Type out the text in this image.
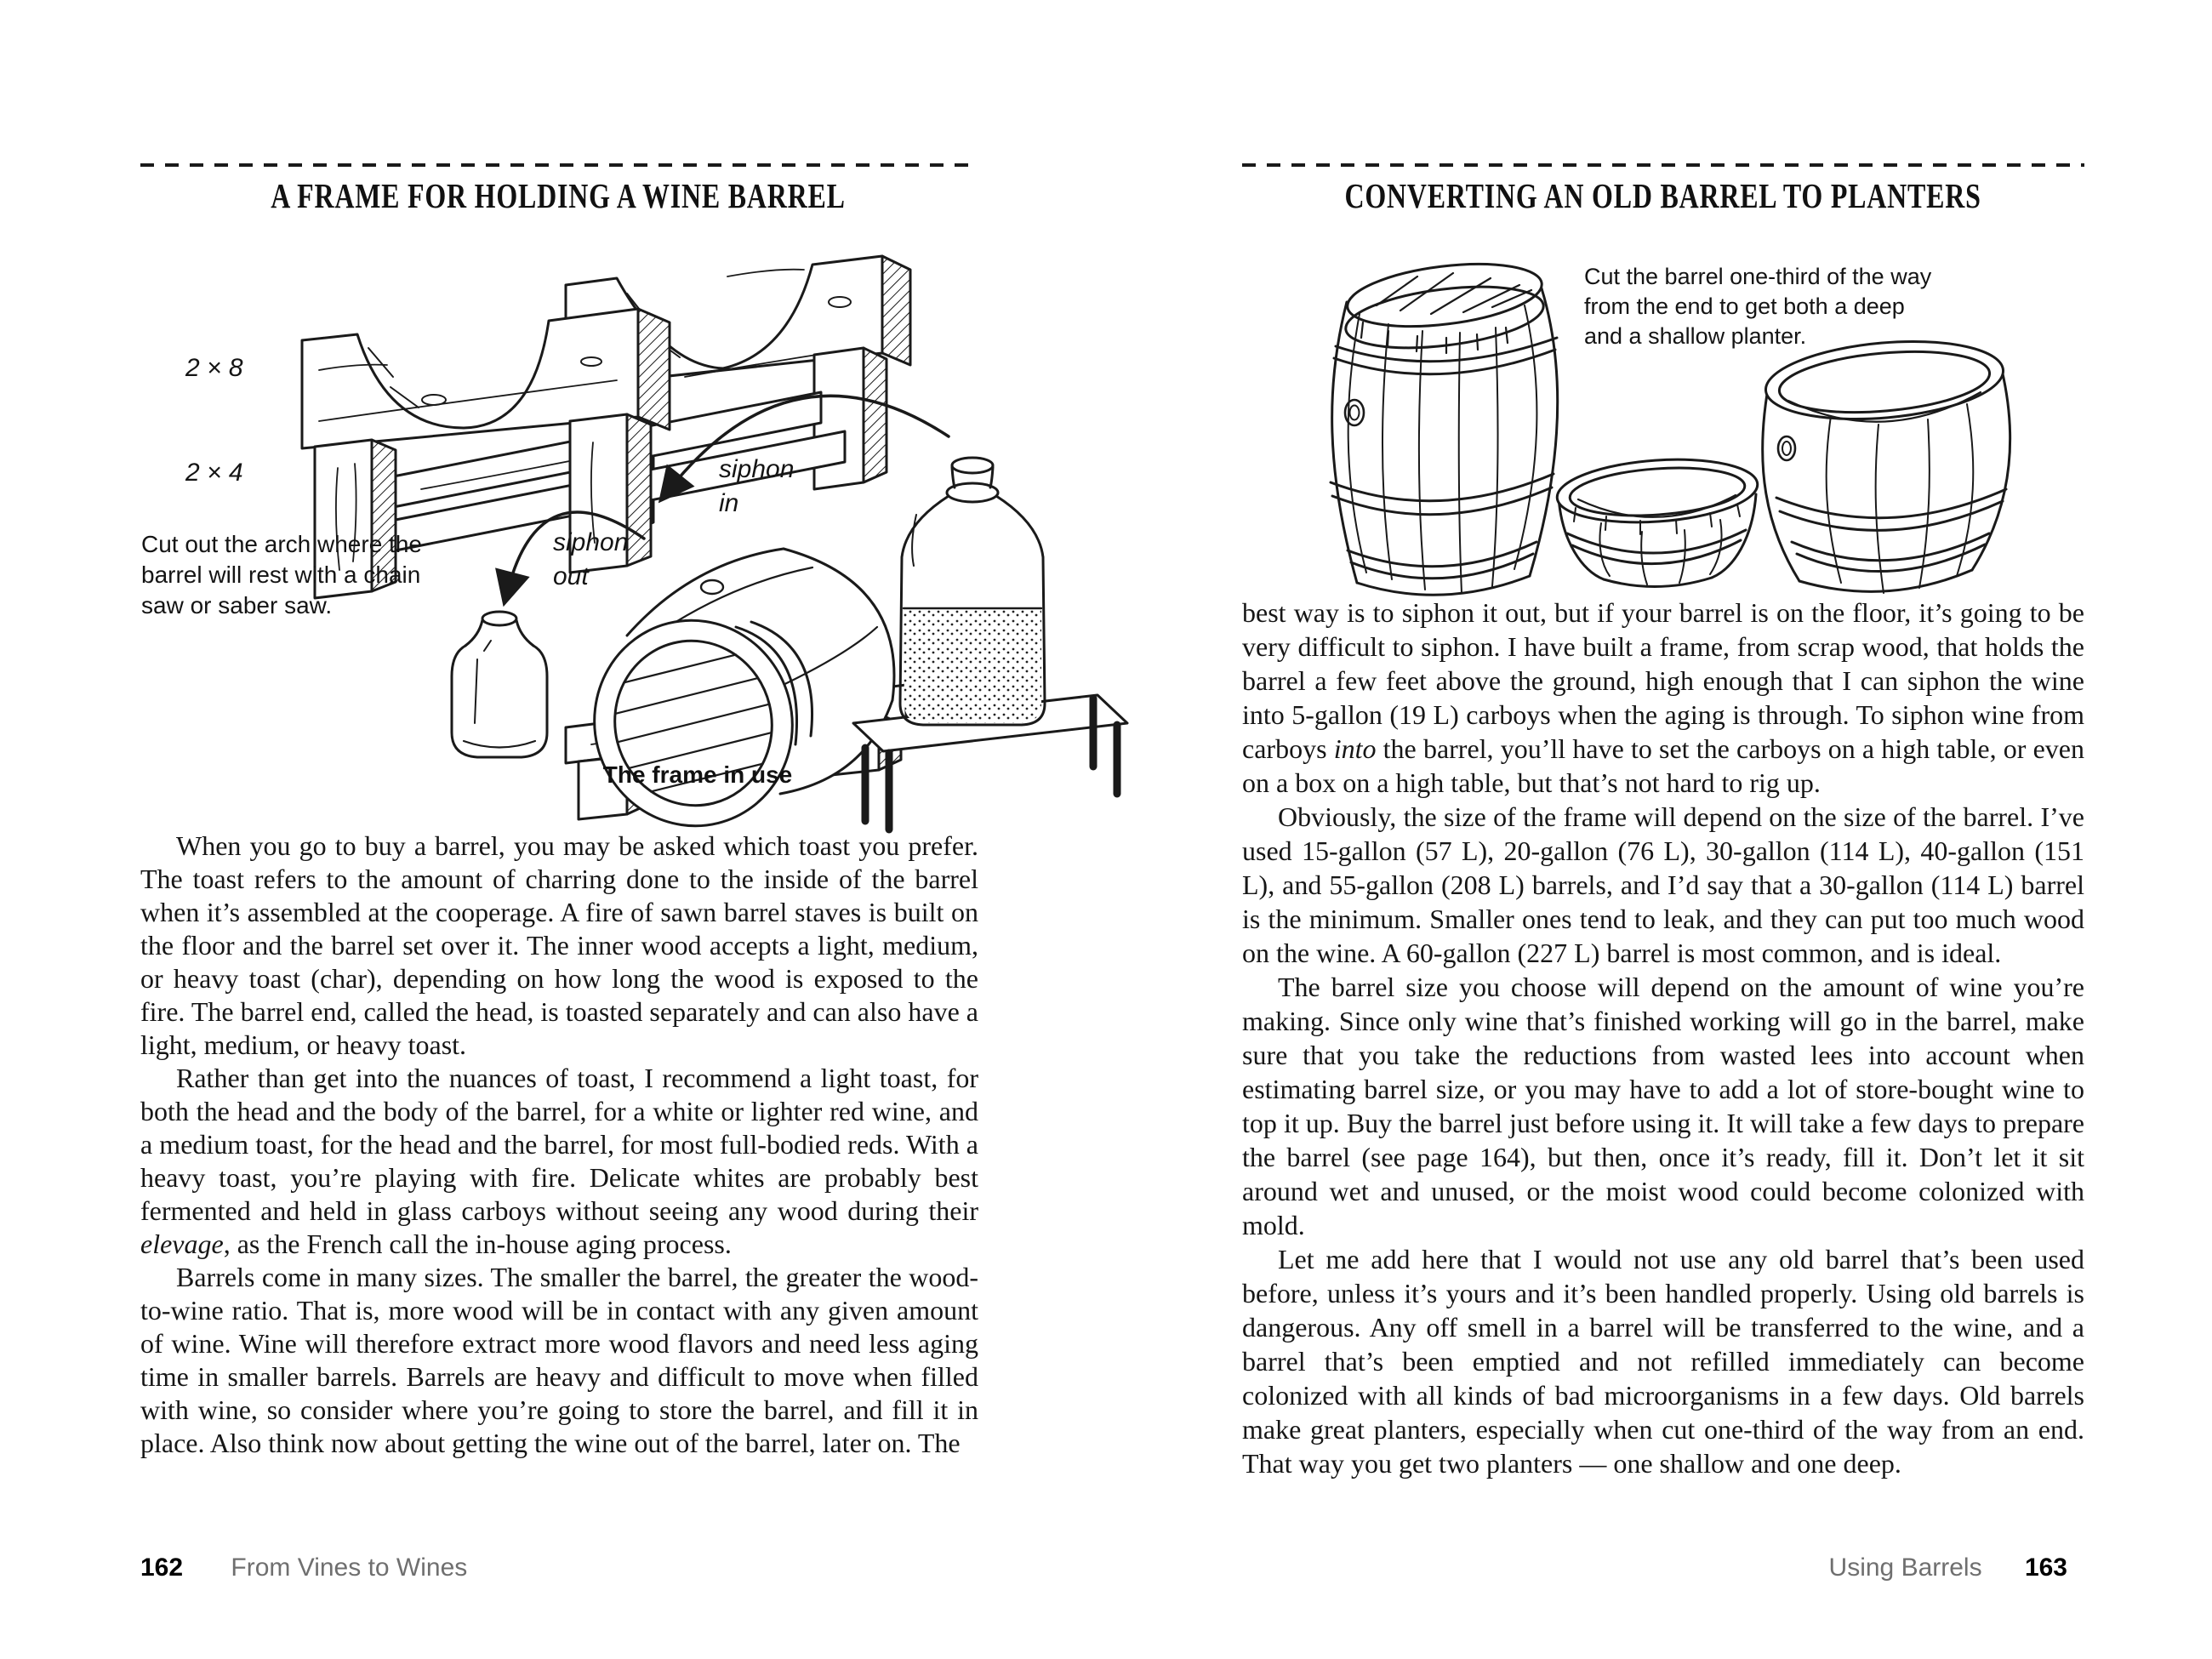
A FRAME FOR HOLDING A WINE BARREL
2 × 8
2 × 4
Cut out the arch where the
barrel will rest with a chain
saw or saber saw.
siphon
out
siphon
in
The frame in use

When you go to buy a barrel, you may be asked which toast you prefer. The toast refers to the amount of charring done to the inside of the barrel when it’s assembled at the cooperage. A fire of sawn barrel staves is built on the floor and the barrel set over it. The inner wood accepts a light, medium, or heavy toast (char), depending on how long the wood is exposed to the fire. The barrel end, called the head, is toasted separately and can also have a light, medium, or heavy toast.

Rather than get into the nuances of toast, I recommend a light toast, for both the head and the body of the barrel, for a white or lighter red wine, and a medium toast, for the head and the barrel, for most full-bodied reds. With a heavy toast, you’re playing with fire. Delicate whites are probably best fermented and held in glass carboys without seeing any wood during their elevage, as the French call the in-house aging process.

Barrels come in many sizes. The smaller the barrel, the greater the wood-to-wine ratio. That is, more wood will be in contact with any given amount of wine. Wine will therefore extract more wood flavors and need less aging time in smaller barrels. Barrels are heavy and difficult to move when filled with wine, so consider where you’re going to store the barrel, and fill it in place. Also think now about getting the wine out of the barrel, later on. The

162 From Vines to Wines
CONVERTING AN OLD BARREL TO PLANTERS
Cut the barrel one-third of the way
from the end to get both a deep
and a shallow planter.

best way is to siphon it out, but if your barrel is on the floor, it’s going to be very difficult to siphon. I have built a frame, from scrap wood, that holds the barrel a few feet above the ground, high enough that I can siphon the wine into 5-gallon (19 L) carboys when the aging is through. To siphon wine from carboys into the barrel, you’ll have to set the carboys on a high table, or even on a box on a high table, but that’s not hard to rig up.

Obviously, the size of the frame will depend on the size of the barrel. I’ve used 15-gallon (57 L), 20-gallon (76 L), 30-gallon (114 L), 40-gallon (151 L), and 55-gallon (208 L) barrels, and I’d say that a 30-gallon (114 L) barrel is the minimum. Smaller ones tend to leak, and they can put too much wood on the wine. A 60-gallon (227 L) barrel is most common, and is ideal.

The barrel size you choose will depend on the amount of wine you’re making. Since only wine that’s finished working will go in the barrel, make sure that you take the reductions from wasted lees into account when estimating barrel size, or you may have to add a lot of store-bought wine to top it up. Buy the barrel just before using it. It will take a few days to prepare the barrel (see page 164), but then, once it’s ready, fill it. Don’t let it sit around wet and unused, or the moist wood could become colonized with mold.

Let me add here that I would not use any old barrel that’s been used before, unless it’s yours and it’s been handled properly. Using old barrels is dangerous. Any off smell in a barrel will be transferred to the wine, and a barrel that’s been emptied and not refilled immediately can become colonized with all kinds of bad microorganisms in a few days. Old barrels make great planters, especially when cut one-third of the way from an end. That way you get two planters — one shallow and one deep.

Using Barrels 163
